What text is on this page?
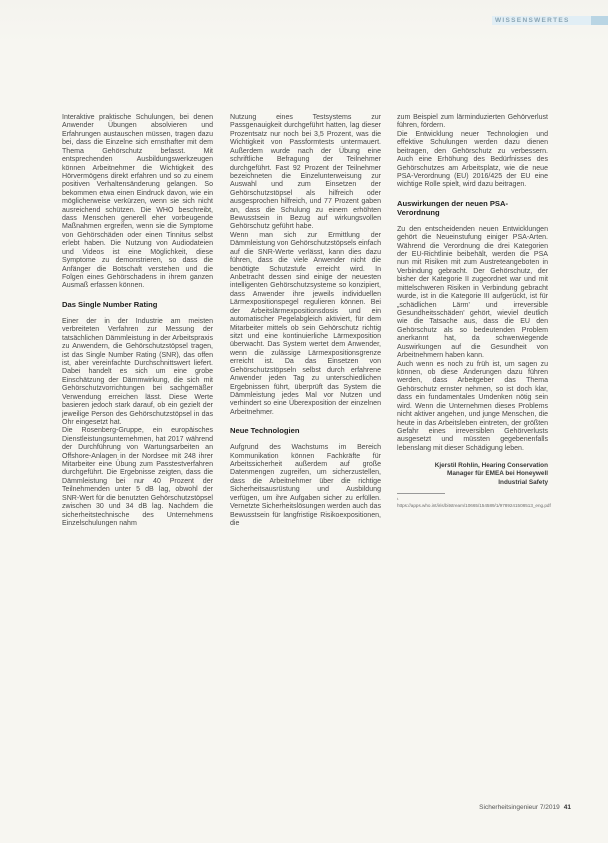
WISSENSWERTES

Interaktive praktische Schulungen, bei denen Anwender Übungen absolvieren und Erfahrungen austauschen müssen, tragen dazu bei, dass die Einzelne sich ernsthafter mit dem Thema Gehörschutz befasst. Mit entsprechenden Ausbildungswerkzeugen können Arbeitnehmer die Wichtigkeit des Hörvermögens direkt erfahren und so zu einem positiven Verhaltensänderung gelangen. So bekommen etwa einen Eindruck davon, wie ein möglicherweise verkürzen, wenn sie sich nicht ausreichend schützen. Die WHO beschreibt, dass Menschen generell eher vorbeugende Maßnahmen ergreifen, wenn sie die Symptome von Gehörschäden oder einen Tinnitus selbst erlebt haben. Die Nutzung von Audiodateien und Videos ist eine Möglichkeit, diese Symptome zu demonstrieren, so dass die Anfänger die Botschaft verstehen und die Folgen eines Gehörschadens in ihrem ganzen Ausmaß erfassen können.

Das Single Number Rating

Einer der in der Industrie am meisten verbreiteten Verfahren zur Messung der tatsächlichen Dämmleistung in der Arbeitspraxis zu Anwendern, die Gehörschutzstöpsel tragen, ist das Single Number Rating (SNR), das offen ist, aber vereinfachte Durchschnittswert liefert. Dabei handelt es sich um eine grobe Einschätzung der Dämmwirkung, die sich mit Gehörschutzvorrichtungen bei sachgemäßer Verwendung erreichen lässt. Diese Werte basieren jedoch stark darauf, ob ein gezielt der jeweilige Person des Gehörschutzstöpsel in das Ohr eingesetzt hat.

Die Rosenberg-Gruppe, ein europäisches Dienstleistungsunternehmen, hat 2017 während der Durchführung von Wartungsarbeiten an Offshore-Anlagen in der Nordsee mit 248 ihrer Mitarbeiter eine Übung zum Passtestverfahren durchgeführt. Die Ergebnisse zeigten, dass die Dämmleistung bei nur 40 Prozent der Teilnehmenden unter 5 dB lag, obwohl der SNR-Wert für die benutzten Gehörschutzstöpsel zwischen 30 und 34 dB lag. Nachdem die sicherheitstechnische des Unternehmens Einzelschulungen nahm

Nutzung eines Testsystems zur Passgenauigkeit durchgeführt hatten, lag dieser Prozentsatz nur noch bei 3,5 Prozent, was die Wichtigkeit von Passformtests untermauert. Außerdem wurde nach der Übung eine schriftliche Befragung der Teilnehmer durchgeführt. Fast 92 Prozent der Teilnehmer bezeichneten die Einzelunterweisung zur Auswahl und zum Einsetzen der Gehörschutzstöpsel als hilfreich oder ausgesprochen hilfreich, und 77 Prozent gaben an, dass die Schulung zu einem erhöhten Bewusstsein in Bezug auf wirkungsvollen Gehörschutz geführt habe.

Wenn man sich zur Ermittlung der Dämmleistung von Gehörschutzstöpsels einfach auf die SNR-Werte verlässt, kann dies dazu führen, dass die viele Anwender nicht die benötigte Schutzstufe erreicht wird. In Anbetracht dessen sind einige der neuesten intelligenten Gehörschutzsysteme so konzipiert, dass Anwender ihre jeweils individuellen Lärmexpositionspegel regulieren können. Bei der Arbeitslärmexpositionsdosis und ein automatischer Pegelabgleich aktiviert, für dem Mitarbeiter mittels ob sein Gehörschutz richtig sitzt und eine kontinuierliche Lärmexposition überwacht. Das System wertet dem Anwender, wenn die zulässige Lärmexpositionsgrenze erreicht ist. Da das Einsetzen von Gehörschutzstöpseln selbst durch erfahrene Anwender jeden Tag zu unterschiedlichen Ergebnissen führt, überprüft das System die Dämmleistung jedes Mal vor Nutzen und verhindert so eine Überexposition der einzelnen Arbeitnehmer.

Neue Technologien

Aufgrund des Wachstums im Bereich Kommunikation können Fachkräfte für Arbeitssicherheit außerdem auf große Datenmengen zugreifen, um sicherzustellen, dass die Arbeitnehmer über die richtige Sicherheitsausrüstung und Ausbildung verfügen, um ihre Aufgaben sicher zu erfüllen. Vernetzte Sicherheitslösungen werden auch das Bewusstsein für langfristige Risikoexpositionen, die

zum Beispiel zum lärminduzierten Gehörverlust führen, fördern.

Die Entwicklung neuer Technologien und effektive Schulungen werden dazu dienen beitragen, den Gehörschutz zu verbessern. Auch eine Erhöhung des Bedürfnisses des Gehörschutzes am Arbeitsplatz, wie die neue PSA-Verordnung (EU) 2016/425 der EU eine wichtige Rolle spielt, wird dazu beitragen.

Auswirkungen der neuen PSA-Verordnung

Zu den entscheidenden neuen Entwicklungen gehört die Neueinstufung einiger PSA-Arten. Während die Verordnung die drei Kategorien der EU-Richtlinie beibehält, werden die PSA nun mit Risiken mit zum Austreteangeboten in Verbindung gebracht. Der Gehörschutz, der bisher der Kategorie II zugeordnet war und mit mittelschweren Risiken in Verbindung gebracht wurde, ist in die Kategorie III aufgerückt, ist für „schädlichen Lärm' und irreversible Gesundheitsschäden' gehört, wieviel deutlich wie die Tatsache aus, dass die EU den Gehörschutz als so bedeutenden Problem anerkannt hat, da schwerwiegende Auswirkungen auf die Gesundheit von Arbeitnehmern haben kann.

Auch wenn es noch zu früh ist, um sagen zu können, ob diese Änderungen dazu führen werden, dass Arbeitgeber das Thema Gehörschutz ernster nehmen, so ist doch klar, dass ein fundamentales Umdenken nötig sein wird. Wenn die Unternehmen dieses Problems nicht aktiver angehen, und junge Menschen, die heute in das Arbeitsleben eintreten, der größten Gefahr eines irreversiblen Gehörverlusts ausgesetzt und müssten gegebenenfalls lebenslang mit dieser Schädigung leben.

Kjerstil Rohlin, Hearing Conservation
Manager für EMEA bei Honeywell
Industrial Safety
¹ https://apps.who.int/iris/bitstream/10665/154589/1/9789241508513_eng.pdf
Sicherheitsingenieur 7/2019 41
